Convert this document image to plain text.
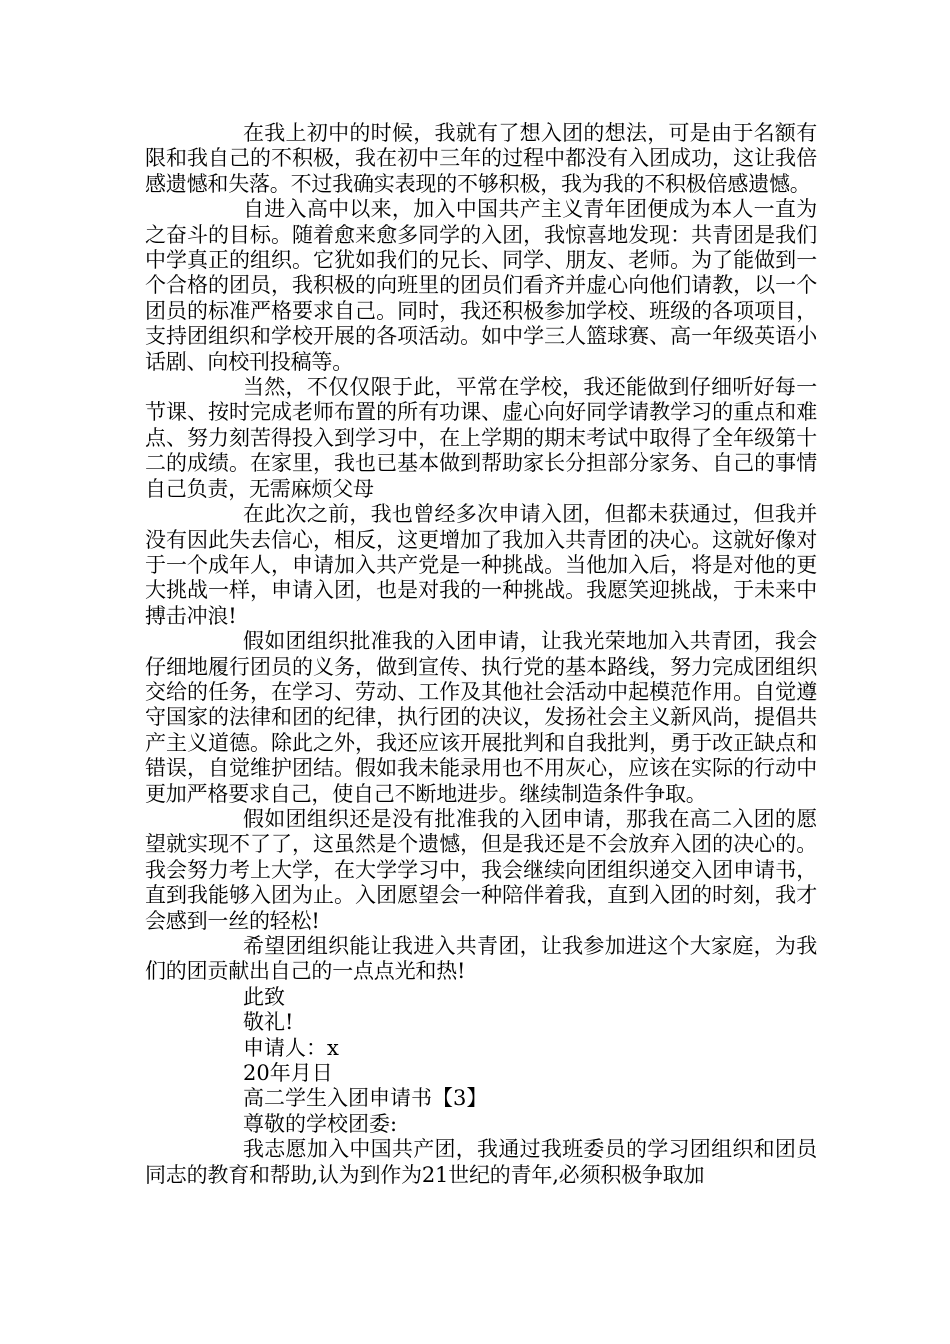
在我上初中的时候，我就有了想入团的想法，可是由于名额有限和我自己的不积极，我在初中三年的过程中都没有入团成功，这让我倍感遗憾和失落。不过我确实表现的不够积极，我为我的不积极倍感遗憾。

自进入高中以来，加入中国共产主义青年团便成为本人一直为之奋斗的目标。随着愈来愈多同学的入团，我惊喜地发现：共青团是我们中学真正的组织。它犹如我们的兄长、同学、朋友、老师。为了能做到一个合格的团员，我积极的向班里的团员们看齐并虚心向他们请教，以一个团员的标准严格要求自己。同时，我还积极参加学校、班级的各项项目，支持团组织和学校开展的各项活动。如中学三人篮球赛、高一年级英语小话剧、向校刊投稿等。

当然，不仅仅限于此，平常在学校，我还能做到仔细听好每一节课、按时完成老师布置的所有功课、虚心向好同学请教学习的重点和难点、努力刻苦得投入到学习中，在上学期的期末考试中取得了全年级第十二的成绩。在家里，我也已基本做到帮助家长分担部分家务、自己的事情自己负责，无需麻烦父母

在此次之前，我也曾经多次申请入团，但都未获通过，但我并没有因此失去信心，相反，这更增加了我加入共青团的决心。这就好像对于一个成年人，申请加入共产党是一种挑战。当他加入后，将是对他的更大挑战一样，申请入团，也是对我的一种挑战。我愿笑迎挑战，于未来中搏击冲浪!

假如团组织批准我的入团申请，让我光荣地加入共青团，我会仔细地履行团员的义务，做到宣传、执行党的基本路线，努力完成团组织交给的任务，在学习、劳动、工作及其他社会活动中起模范作用。自觉遵守国家的法律和团的纪律，执行团的决议，发扬社会主义新风尚，提倡共产主义道德。除此之外，我还应该开展批判和自我批判，勇于改正缺点和错误，自觉维护团结。假如我未能录用也不用灰心，应该在实际的行动中更加严格要求自己，使自己不断地进步。继续制造条件争取。

假如团组织还是没有批准我的入团申请，那我在高二入团的愿望就实现不了了，这虽然是个遗憾，但是我还是不会放弃入团的决心的。我会努力考上大学，在大学学习中，我会继续向团组织递交入团申请书，直到我能够入团为止。入团愿望会一种陪伴着我，直到入团的时刻，我才会感到一丝的轻松!

希望团组织能让我进入共青团，让我参加进这个大家庭，为我们的团贡献出自己的一点点光和热!

此致

敬礼!

申请人：x

20年月日

高二学生入团申请书【3】

尊敬的学校团委:

我志愿加入中国共产团，我通过我班委员的学习团组织和团员同志的教育和帮助,认为到作为21世纪的青年,必须积极争取加
